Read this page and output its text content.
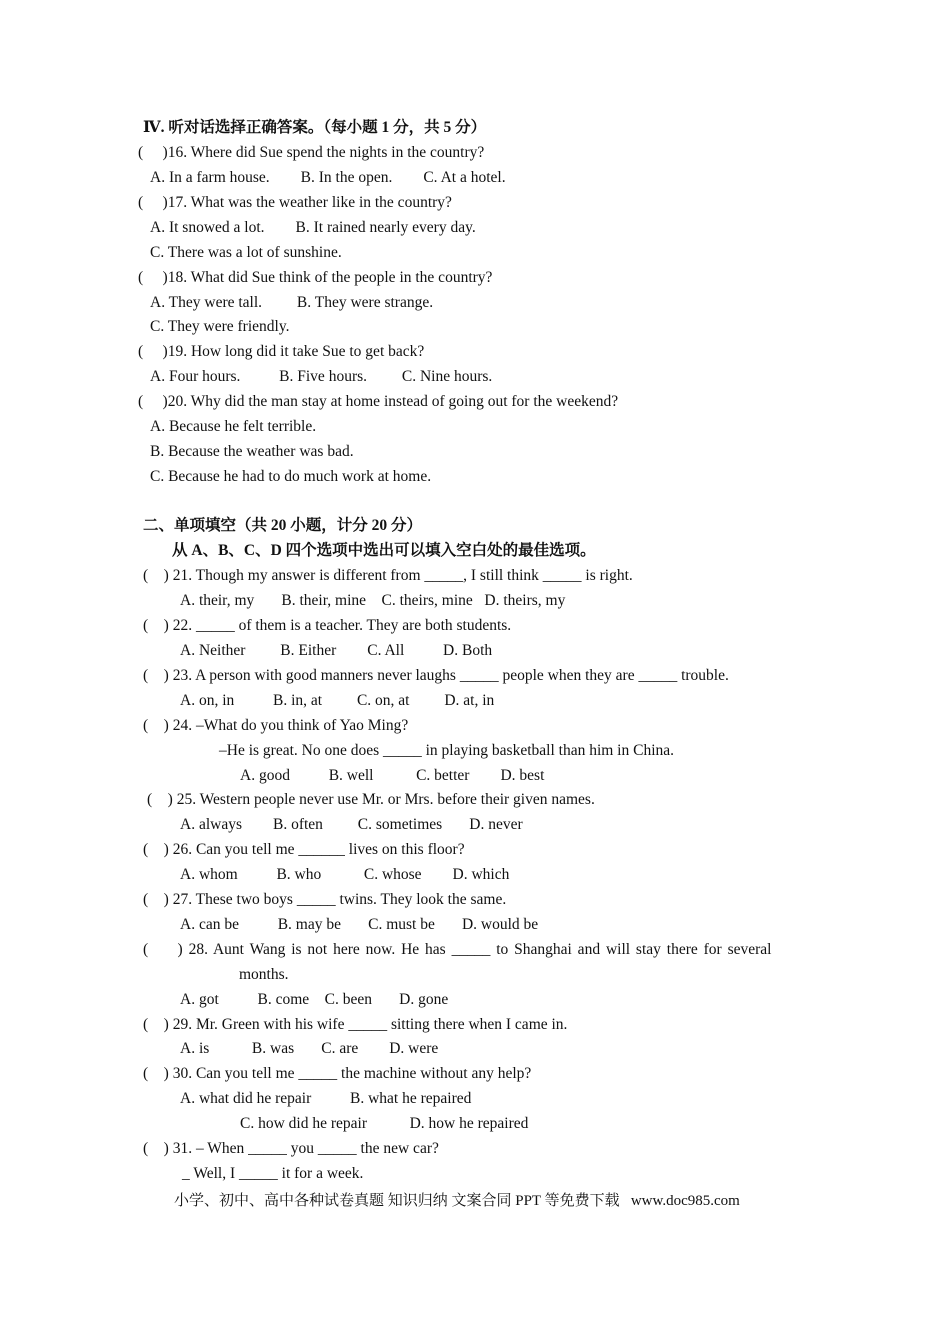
Ⅳ. 听对话选择正确答案。（每小题 1 分，共 5 分）
(     )16. Where did Sue spend the nights in the country?
A. In a farm house.        B. In the open.        C. At a hotel.
(     )17. What was the weather like in the country?
A. It snowed a lot.        B. It rained nearly every day.
C. There was a lot of sunshine.
(     )18. What did Sue think of the people in the country?
A. They were tall.         B. They were strange.
C. They were friendly.
(     )19. How long did it take Sue to get back?
A. Four hours.          B. Five hours.         C. Nine hours.
(     )20. Why did the man stay at home instead of going out for the weekend?
A. Because he felt terrible.
B. Because the weather was bad.
C. Because he had to do much work at home.
二、单项填空（共 20 小题，计分 20 分）
从 A、B、C、D 四个选项中选出可以填入空白处的最佳选项。
(    ) 21. Though my answer is different from _____, I still think _____ is right.
A. their, my       B. their, mine    C. theirs, mine   D. theirs, my
(    ) 22. _____ of them is a teacher. They are both students.
A. Neither         B. Either        C. All          D. Both
(    ) 23. A person with good manners never laughs _____ people when they are _____ trouble.
A. on, in          B. in, at         C. on, at         D. at, in
(    ) 24. –What do you think of Yao Ming?
–He is great. No one does _____ in playing basketball than him in China.
A. good          B. well           C. better        D. best
(    ) 25. Western people never use Mr. or Mrs. before their given names.
A. always        B. often         C. sometimes       D. never
(    ) 26. Can you tell me ______ lives on this floor?
A. whom          B. who           C. whose        D. which
(    ) 27. These two boys _____ twins. They look the same.
A. can be          B. may be       C. must be       D. would be
(     ) 28. Aunt Wang is not here now. He has _____ to Shanghai and will stay there for several
months.
A. got          B. come    C. been       D. gone
(    ) 29. Mr. Green with his wife _____ sitting there when I came in.
A. is           B. was       C. are        D. were
(    ) 30. Can you tell me _____ the machine without any help?
A. what did he repair          B. what he repaired
C. how did he repair           D. how he repaired
(    ) 31. – When _____ you _____ the new car?
_ Well, I _____ it for a week.
小学、初中、高中各种试卷真题 知识归纳 文案合同 PPT 等免费下载   www.doc985.com
